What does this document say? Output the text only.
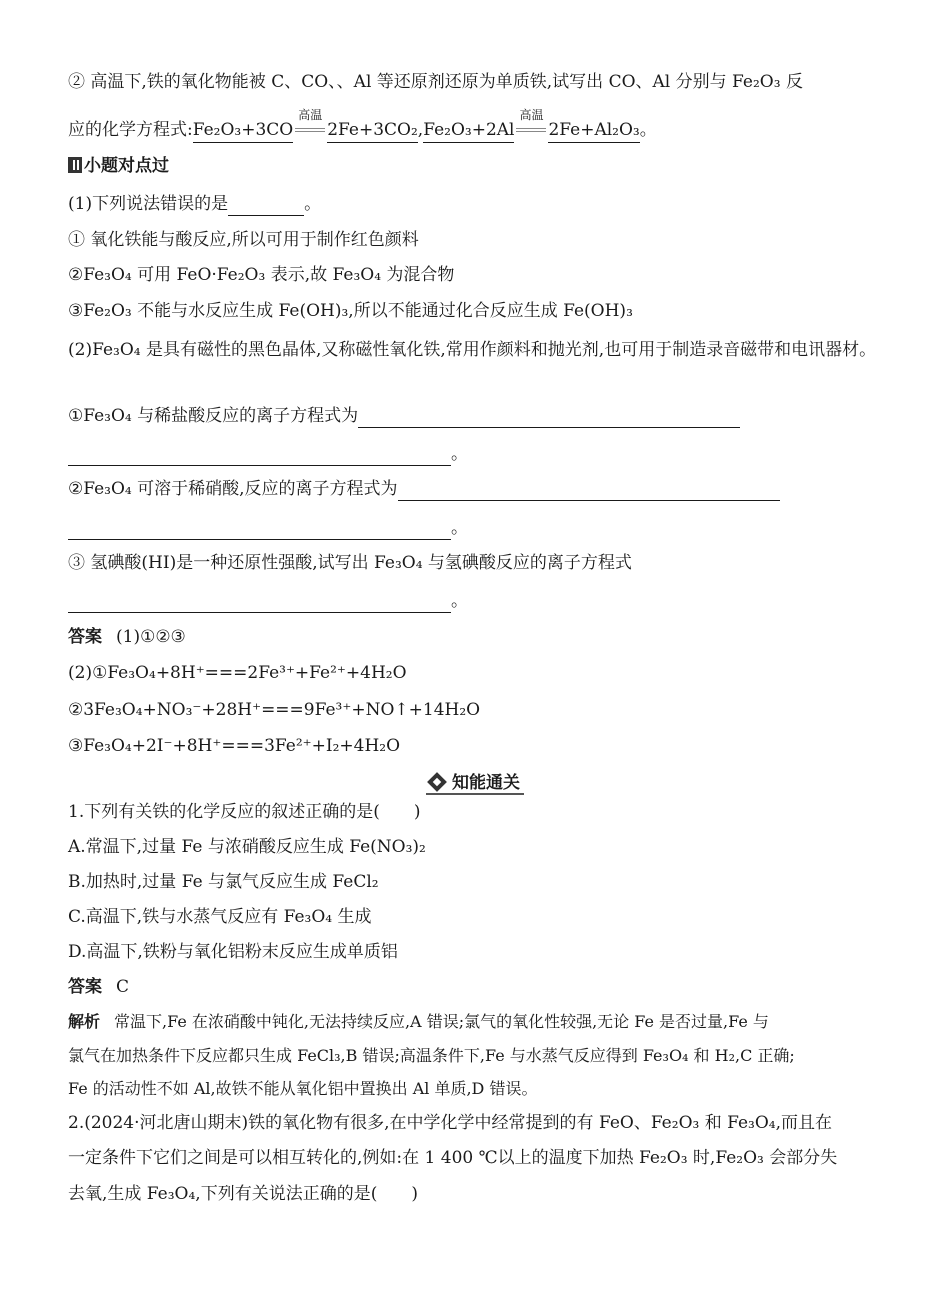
② 高温下,铁的氧化物能被 C、CO、、Al 等还原剂还原为单质铁,试写出 CO、Al 分别与 Fe₂O₃ 反
应的化学方程式:Fe₂O₃+3CO
高温
2Fe+3CO₂,Fe₂O₃+2Al
高温
2Fe+Al₂O₃。
小题对点过
(1)下列说法错误的是	。
① 氧化铁能与酸反应,所以可用于制作红色颜料
②Fe₃O₄ 可用 FeO·Fe₂O₃ 表示,故 Fe₃O₄ 为混合物
③Fe₂O₃ 不能与水反应生成 Fe(OH)₃,所以不能通过化合反应生成 Fe(OH)₃
(2)Fe₃O₄ 是具有磁性的黑色晶体,又称磁性氧化铁,常用作颜料和抛光剂,也可用于制造录音磁带和电讯器材。
①Fe₃O₄ 与稀盐酸反应的离子方程式为
。
②Fe₃O₄ 可溶于稀硝酸,反应的离子方程式为
。
③ 氢碘酸(HI)是一种还原性强酸,试写出 Fe₃O₄ 与氢碘酸反应的离子方程式
。
答案 (1)①②③
(2)①Fe₃O₄+8H⁺===2Fe³⁺+Fe²⁺+4H₂O
②3Fe₃O₄+NO₃⁻+28H⁺===9Fe³⁺+NO↑+14H₂O
③Fe₃O₄+2I⁻+8H⁺===3Fe²⁺+I₂+4H₂O
知能通关
1.下列有关铁的化学反应的叙述正确的是(　　)
A.常温下,过量 Fe 与浓硝酸反应生成 Fe(NO₃)₂
B.加热时,过量 Fe 与氯气反应生成 FeCl₂
C.高温下,铁与水蒸气反应有 Fe₃O₄ 生成
D.高温下,铁粉与氧化铝粉末反应生成单质铝
答案 C
解析 常温下,Fe 在浓硝酸中钝化,无法持续反应,A 错误;氯气的氧化性较强,无论 Fe 是否过量,Fe 与
氯气在加热条件下反应都只生成 FeCl₃,B 错误;高温条件下,Fe 与水蒸气反应得到 Fe₃O₄ 和 H₂,C 正确;
Fe 的活动性不如 Al,故铁不能从氧化铝中置换出 Al 单质,D 错误。
2.(2024·河北唐山期末)铁的氧化物有很多,在中学化学中经常提到的有 FeO、Fe₂O₃ 和 Fe₃O₄,而且在
一定条件下它们之间是可以相互转化的,例如:在 1 400 ℃以上的温度下加热 Fe₂O₃ 时,Fe₂O₃ 会部分失
去氧,生成 Fe₃O₄,下列有关说法正确的是(　　)
